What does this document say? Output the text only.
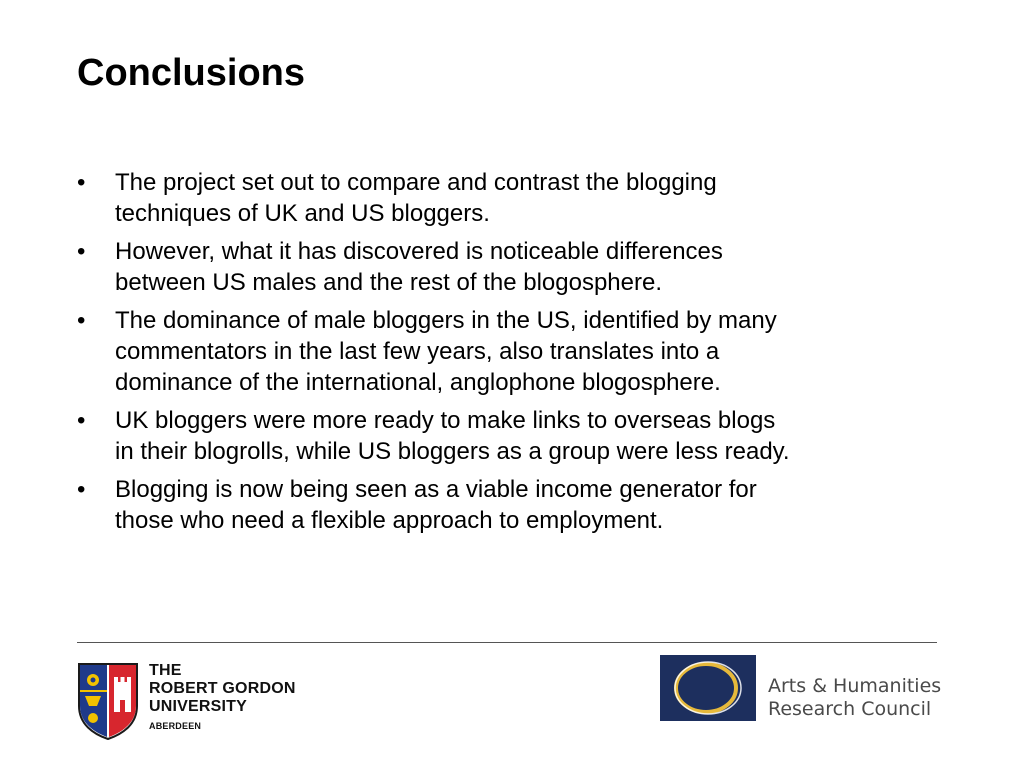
Conclusions
• The project set out to compare and contrast the blogging
techniques of UK and US bloggers.
• However, what it has discovered is noticeable differences
between US males and the rest of the blogosphere.
• The dominance of male bloggers in the US, identified by many
commentators in the last few years, also translates into a
dominance of the international, anglophone blogosphere.
• UK bloggers were more ready to make links to overseas blogs
in their blogrolls, while US bloggers as a group were less ready.
• Blogging is now being seen as a viable income generator for
those who need a flexible approach to employment.
THE
ROBERT GORDON
UNIVERSITY
ABERDEEN
Arts & Humanities
Research Council
